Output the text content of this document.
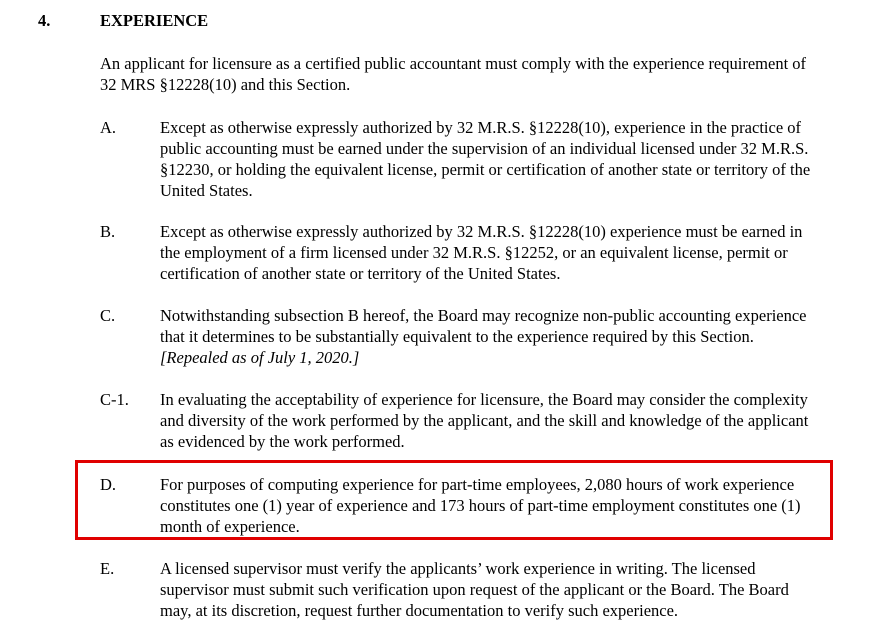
4.	EXPERIENCE
An applicant for licensure as a certified public accountant must comply with the experience requirement of 32 MRS §12228(10) and this Section.
A.	Except as otherwise expressly authorized by 32 M.R.S. §12228(10), experience in the practice of public accounting must be earned under the supervision of an individual licensed under 32 M.R.S. §12230, or holding the equivalent license, permit or certification of another state or territory of the United States.
B.	Except as otherwise expressly authorized by 32 M.R.S. §12228(10) experience must be earned in the employment of a firm licensed under 32 M.R.S. §12252, or an equivalent license, permit or certification of another state or territory of the United States.
C.	Notwithstanding subsection B hereof, the Board may recognize non-public accounting experience that it determines to be substantially equivalent to the experience required by this Section. [Repealed as of July 1, 2020.]
C-1. In evaluating the acceptability of experience for licensure, the Board may consider the complexity and diversity of the work performed by the applicant, and the skill and knowledge of the applicant as evidenced by the work performed.
D.	For purposes of computing experience for part-time employees, 2,080 hours of work experience constitutes one (1) year of experience and 173 hours of part-time employment constitutes one (1) month of experience.
E.	A licensed supervisor must verify the applicants’ work experience in writing. The licensed supervisor must submit such verification upon request of the applicant or the Board. The Board may, at its discretion, request further documentation to verify such experience.
